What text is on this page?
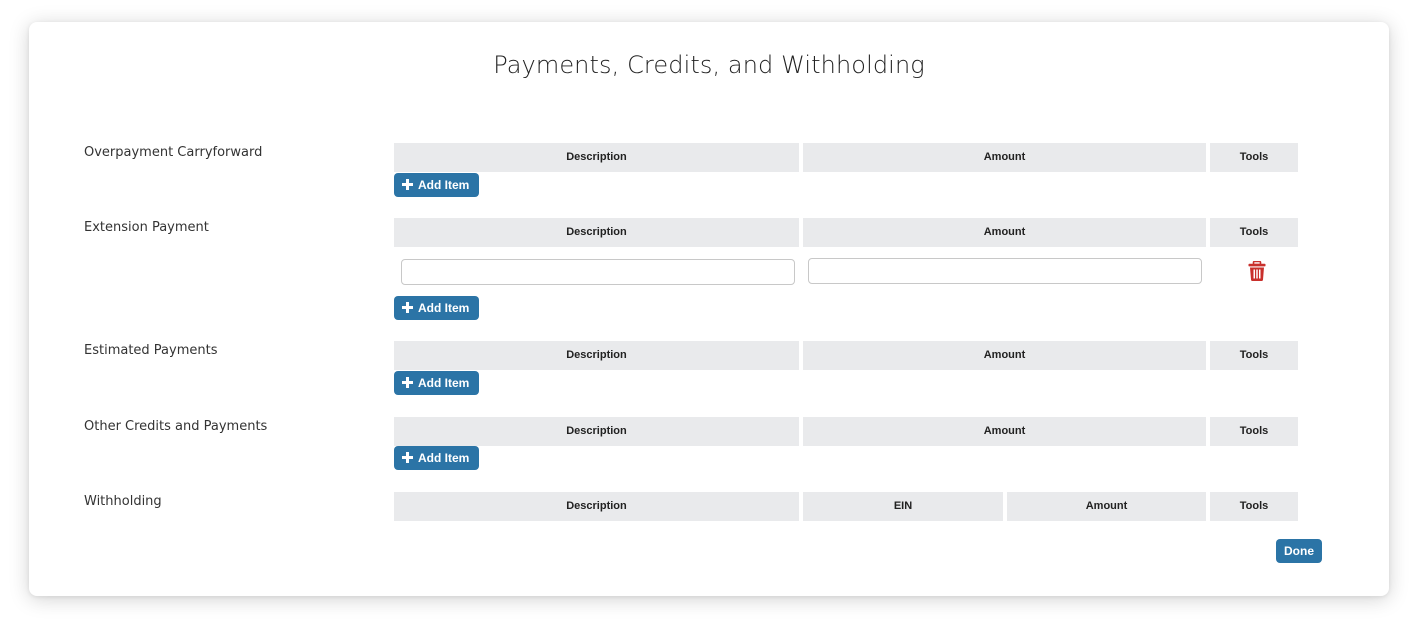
Payments, Credits, and Withholding
Overpayment Carryforward	Description	Amount	Tools
Add Item
Extension Payment	Description	Amount	Tools
Add Item
Estimated Payments	Description	Amount	Tools
Add Item
Other Credits and Payments	Description	Amount	Tools
Add Item
Withholding	Description	EIN	Amount	Tools
Done
